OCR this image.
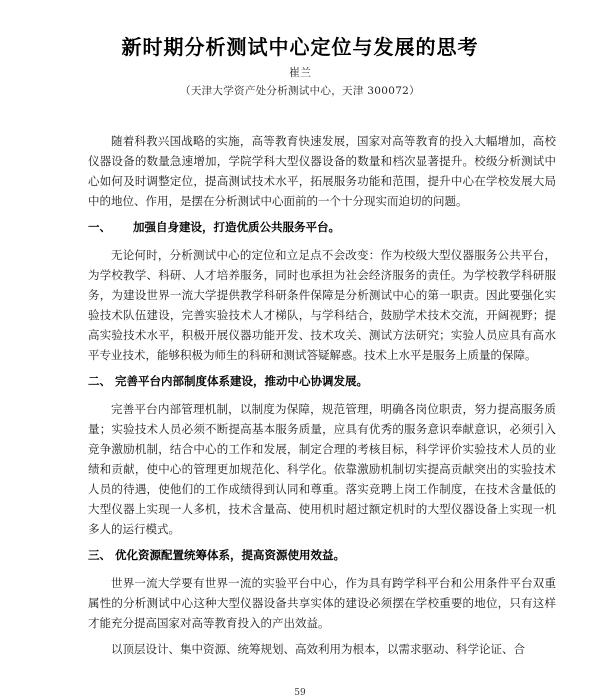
新时期分析测试中心定位与发展的思考
崔兰
（天津大学资产处分析测试中心，天津 300072）

随着科教兴国战略的实施，高等教育快速发展，国家对高等教育的投入大幅增加，高校仪器设备的数量急速增加，学院学科大型仪器设备的数量和档次显著提升。校级分析测试中心如何及时调整定位，提高测试技术水平，拓展服务功能和范围，提升中心在学校发展大局中的地位、作用，是摆在分析测试中心面前的一个十分现实而迫切的问题。

一、 加强自身建设，打造优质公共服务平台。

无论何时，分析测试中心的定位和立足点不会改变：作为校级大型仪器服务公共平台，为学校教学、科研、人才培养服务，同时也承担为社会经济服务的责任。为学校教学科研服务，为建设世界一流大学提供教学科研条件保障是分析测试中心的第一职责。因此要强化实验技术队伍建设，完善实验技术人才梯队，与学科结合，鼓励学术技术交流，开阔视野；提高实验技术水平，积极开展仪器功能开发、技术攻关、测试方法研究；实验人员应具有高水平专业技术，能够积极为师生的科研和测试答疑解惑。技术上水平是服务上质量的保障。

二、 完善平台内部制度体系建设，推动中心协调发展。

完善平台内部管理机制，以制度为保障，规范管理，明确各岗位职责，努力提高服务质量；实验技术人员必须不断提高基本服务质量，应具有优秀的服务意识奉献意识，必须引入竞争激励机制，结合中心的工作和发展，制定合理的考核目标，科学评价实验技术人员的业绩和贡献，使中心的管理更加规范化、科学化。依靠激励机制切实提高贡献突出的实验技术人员的待遇，使他们的工作成绩得到认同和尊重。落实竞聘上岗工作制度，在技术含量低的大型仪器上实现一人多机，技术含量高、使用机时超过额定机时的大型仪器设备上实现一机多人的运行模式。

三、 优化资源配置统筹体系，提高资源使用效益。

世界一流大学要有世界一流的实验平台中心，作为具有跨学科平台和公用条件平台双重属性的分析测试中心这种大型仪器设备共享实体的建设必须摆在学校重要的地位，只有这样才能充分提高国家对高等教育投入的产出效益。

以顶层设计、集中资源、统筹规划、高效利用为根本，以需求驱动、科学论证、合

59
